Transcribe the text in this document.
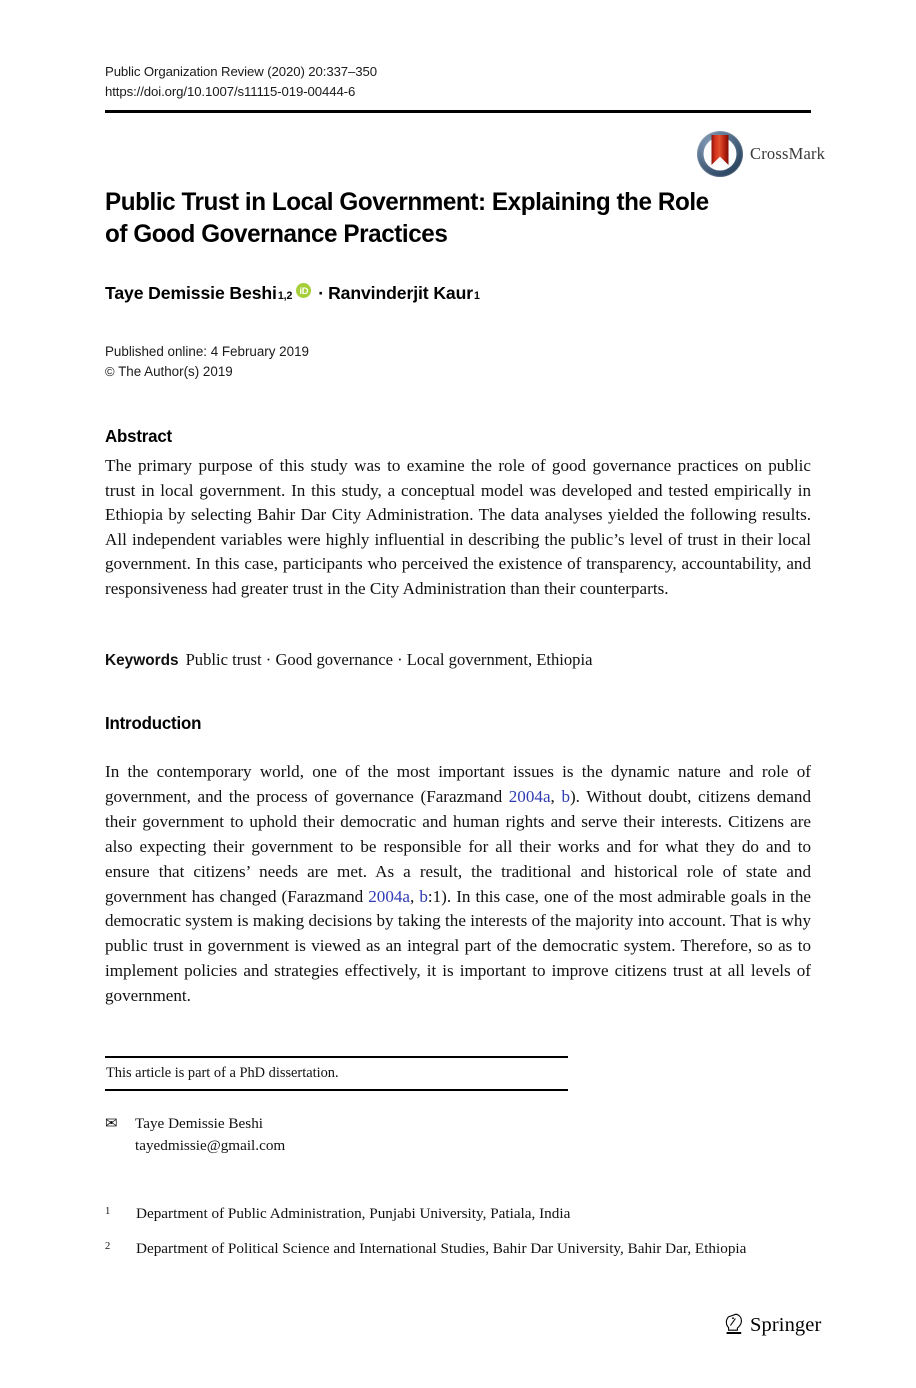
Public Organization Review (2020) 20:337–350
https://doi.org/10.1007/s11115-019-00444-6
CrossMark
Public Trust in Local Government: Explaining the Role of Good Governance Practices
Taye Demissie Beshi 1,2 iD · Ranvinderjit Kaur 1
Published online: 4 February 2019
© The Author(s) 2019
Abstract
The primary purpose of this study was to examine the role of good governance practices on public trust in local government. In this study, a conceptual model was developed and tested empirically in Ethiopia by selecting Bahir Dar City Administration. The data analyses yielded the following results. All independent variables were highly influential in describing the public’s level of trust in their local government. In this case, participants who perceived the existence of transparency, accountability, and responsiveness had greater trust in the City Administration than their counterparts.
Keywords Public trust · Good governance · Local government, Ethiopia
Introduction
In the contemporary world, one of the most important issues is the dynamic nature and role of government, and the process of governance (Farazmand 2004a, b). Without doubt, citizens demand their government to uphold their democratic and human rights and serve their interests. Citizens are also expecting their government to be responsible for all their works and for what they do and to ensure that citizens’ needs are met. As a result, the traditional and historical role of state and government has changed (Farazmand 2004a, b:1). In this case, one of the most admirable goals in the democratic system is making decisions by taking the interests of the majority into account. That is why public trust in government is viewed as an integral part of the democratic system. Therefore, so as to implement policies and strategies effectively, it is important to improve citizens trust at all levels of government.
This article is part of a PhD dissertation.
✉	Taye Demissie Beshi
tayedmissie@gmail.com
1	Department of Public Administration, Punjabi University, Patiala, India
2	Department of Political Science and International Studies, Bahir Dar University, Bahir Dar, Ethiopia
Springer
